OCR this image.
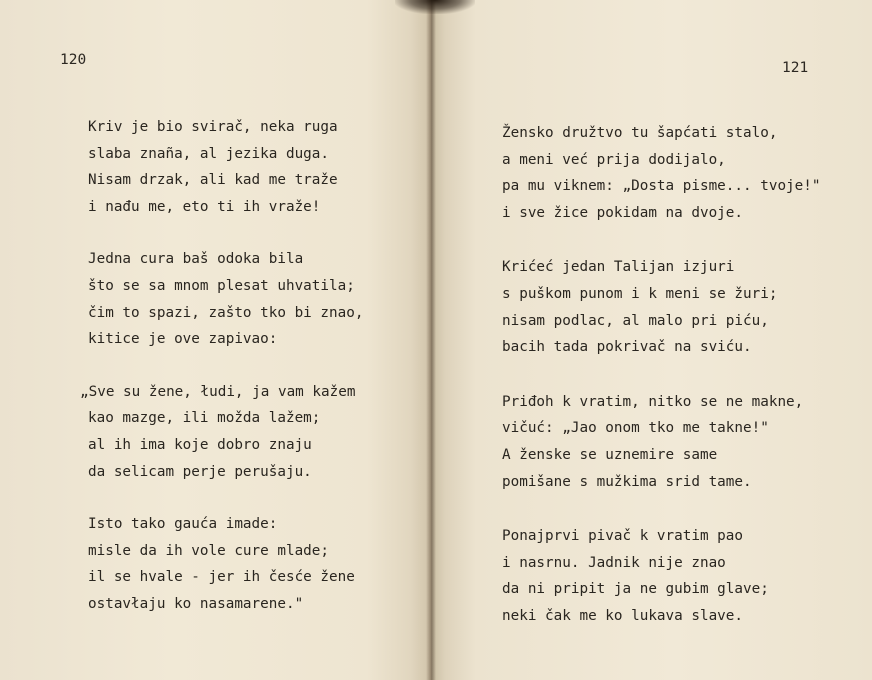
120
Kriv je bio svirač, neka ruga
slaba znaña, al jezika duga.
Nisam drzak, ali kad me traže
i nađu me, eto ti ih vraže!
Jedna cura baš odoka bila
što se sa mnom plesat uhvatila;
čim to spazi, zašto tko bi znao,
kitice je ove zapivao:
„Sve su žene, łudi, ja vam kažem
kao mazge, ili možda lažem;
al ih ima koje dobro znaju
da selicam perje perušaju.
Isto tako gauća imade:
misle da ih vole cure mlade;
il se hvale - jer ih česće žene
ostavłaju ko nasamarene."
121
Žensko družtvo tu šapćati stalo,
a meni već prija dodijalo,
pa mu viknem: „Dosta pisme... tvoje!"
i sve žice pokidam na dvoje.
Krićeć jedan Talijan izjuri
s puškom punom i k meni se žuri;
nisam podlac, al malo pri piću,
bacih tada pokrivač na sviću.
Priđoh k vratim, nitko se ne makne,
vičuć: „Jao onom tko me takne!"
A ženske se uznemire same
pomišane s mužkima srid tame.
Ponajprvi pivač k vratim pao
i nasrnu. Jadnik nije znao
da ni pripit ja ne gubim glave;
neki čak me ko lukava slave.
